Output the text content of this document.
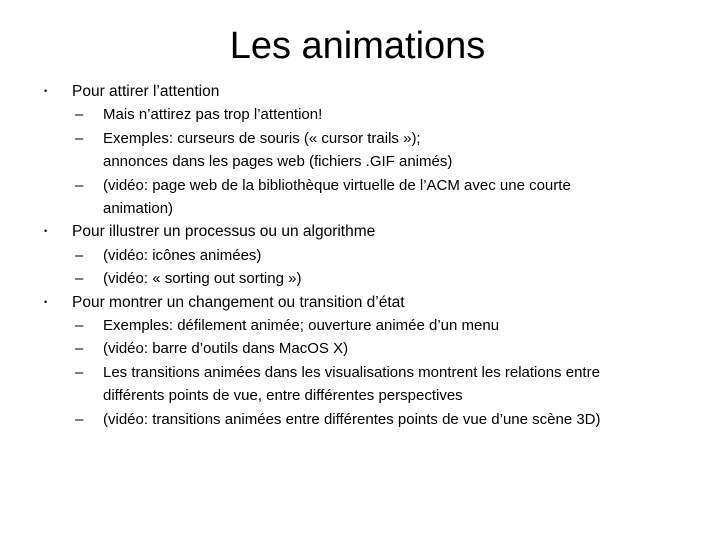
Les animations
• Pour attirer l’attention
– Mais n’attirez pas trop l’attention!
– Exemples: curseurs de souris (« cursor trails »);
annonces dans les pages web (fichiers .GIF animés)
– (vidéo: page web de la bibliothèque virtuelle de l’ACM avec une courte
animation)
• Pour illustrer un processus ou un algorithme
– (vidéo: icônes animées)
– (vidéo: « sorting out sorting »)
• Pour montrer un changement ou transition d’état
– Exemples: défilement animée; ouverture animée d’un menu
– (vidéo: barre d’outils dans MacOS X)
– Les transitions animées dans les visualisations montrent les relations entre
différents points de vue, entre différentes perspectives
– (vidéo: transitions animées entre différentes points de vue d’une scène 3D)
